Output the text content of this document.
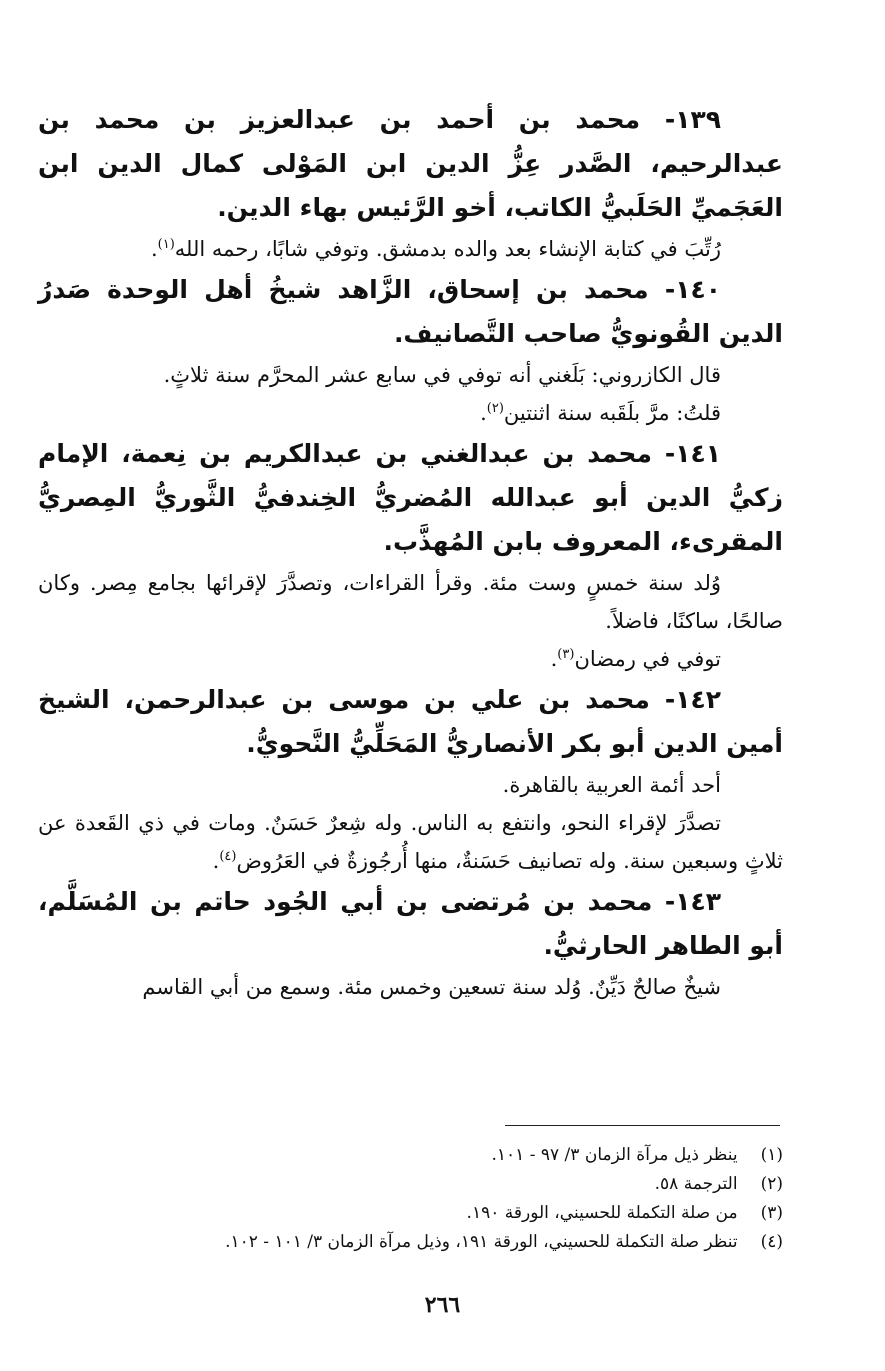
١٣٩- محمد بن أحمد بن عبدالعزيز بن محمد بن عبدالرحيم، الصَّدر عِزُّ الدين ابن المَوْلى كمال الدين ابن العَجَميِّ الحَلَبيُّ الكاتب، أخو الرَّئيس بهاء الدين.

رُتِّبَ في كتابة الإنشاء بعد والده بدمشق. وتوفي شابًا، رحمه الله$^{(١)}$.

١٤٠- محمد بن إسحاق، الزَّاهد شيخُ أهل الوحدة صَدرُ الدين القُونويُّ صاحب التَّصانيف.

قال الكازروني: بَلَغني أنه توفي في سابع عشر المحرَّم سنة ثلاثٍ.

قلتُ: مرَّ بلَقَبه سنة اثنتين$^{(٢)}$.

١٤١- محمد بن عبدالغني بن عبدالكريم بن نِعمة، الإمام زكيُّ الدين أبو عبدالله المُضريُّ الخِندفيُّ الثَّوريُّ المِصريُّ المقرىء، المعروف بابن المُهذَّب.

وُلد سنة خمسٍ وست مئة. وقرأ القراءات، وتصدَّرَ لإقرائها بجامع مِصر. وكان صالحًا، ساكنًا، فاضلاً.

توفي في رمضان$^{(٣)}$.

١٤٢- محمد بن علي بن موسى بن عبدالرحمن، الشيخ أمين الدين أبو بكر الأنصاريُّ المَحَلِّيُّ النَّحويُّ.

أحد أئمة العربية بالقاهرة.

تصدَّرَ لإقراء النحو، وانتفع به الناس. وله شِعرٌ حَسَنٌ. ومات في ذي القَعدة عن ثلاثٍ وسبعين سنة. وله تصانيف حَسَنةٌ، منها أُرجُوزةٌ في العَرُوض$^{(٤)}$.

١٤٣- محمد بن مُرتضى بن أبي الجُود حاتم بن المُسَلَّم، أبو الطاهر الحارثيُّ.

شيخٌ صالحٌ دَيِّنٌ. وُلد سنة تسعين وخمس مئة. وسمع من أبي القاسم

(١) ينظر ذيل مرآة الزمان ٣/ ٩٧ - ١٠١.
(٢) الترجمة ٥٨.
(٣) من صلة التكملة للحسيني، الورقة ١٩٠.
(٤) تنظر صلة التكملة للحسيني، الورقة ١٩١، وذيل مرآة الزمان ٣/ ١٠١ - ١٠٢.
٢٦٦
